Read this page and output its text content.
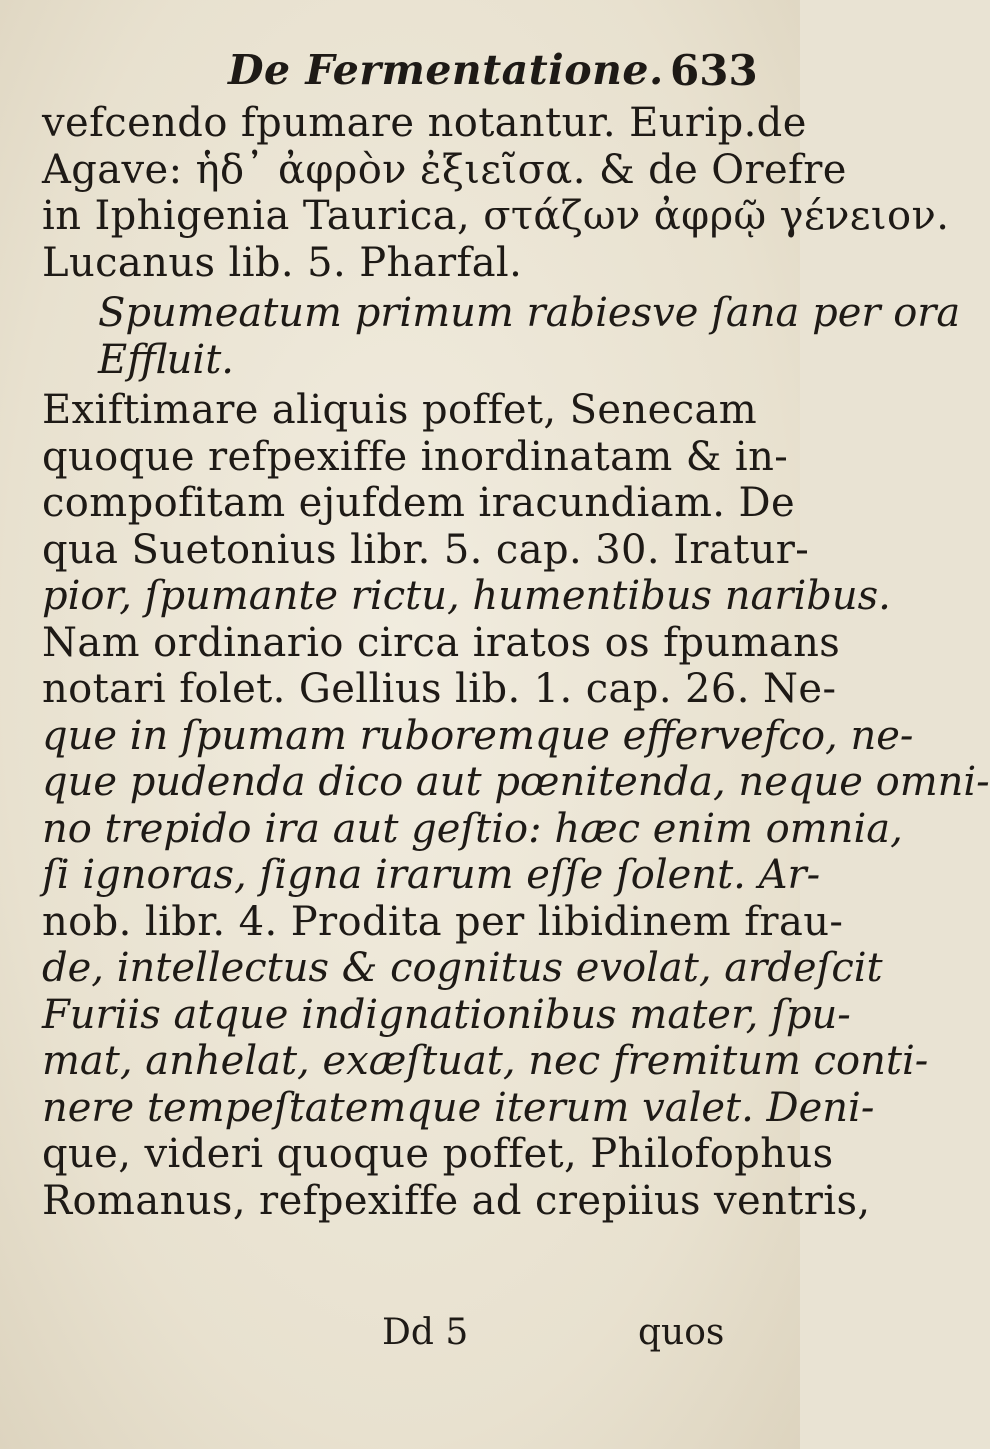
De Fermentatione. 633
vefcendo fpumare notantur. Eurip.de
Agave: ἡδ᾽ ἀφρὸν ἐξιεῖσα. & de Orefre
in Iphigenia Taurica, στάζων ἀφρῷ γένειον.
Lucanus lib. 5. Pharfal.
Spumeatum primum rabiesve ſana per ora
Effluit.
Exiftimare aliquis poffet, Senecam
quoque refpexiffe inordinatam & in-
compofitam ejufdem iracundiam. De
qua Suetonius libr. 5. cap. 30. Iratur-
pior, ſpumante rictu, humentibus naribus.
Nam ordinario circa iratos os fpumans
notari folet. Gellius lib. 1. cap. 26. Ne-
que in ſpumam ruboremque effervefco, ne-
que pudenda dico aut pœnitenda, neque omni-
no trepido ira aut geſtio: hæc enim omnia,
ſi ignoras, ſigna irarum eſſe ſolent. Ar-
nob. libr. 4. Prodita per libidinem frau-
de, intellectus & cognitus evolat, ardeſcit
Furiis atque indignationibus mater, ſpu-
mat, anhelat, exæſtuat, nec fremitum conti-
nere tempeſtatemque iterum valet. Deni-
que, videri quoque poffet, Philofophus
Romanus, refpexiffe ad crepiius ventris,
Dd 5	quos
